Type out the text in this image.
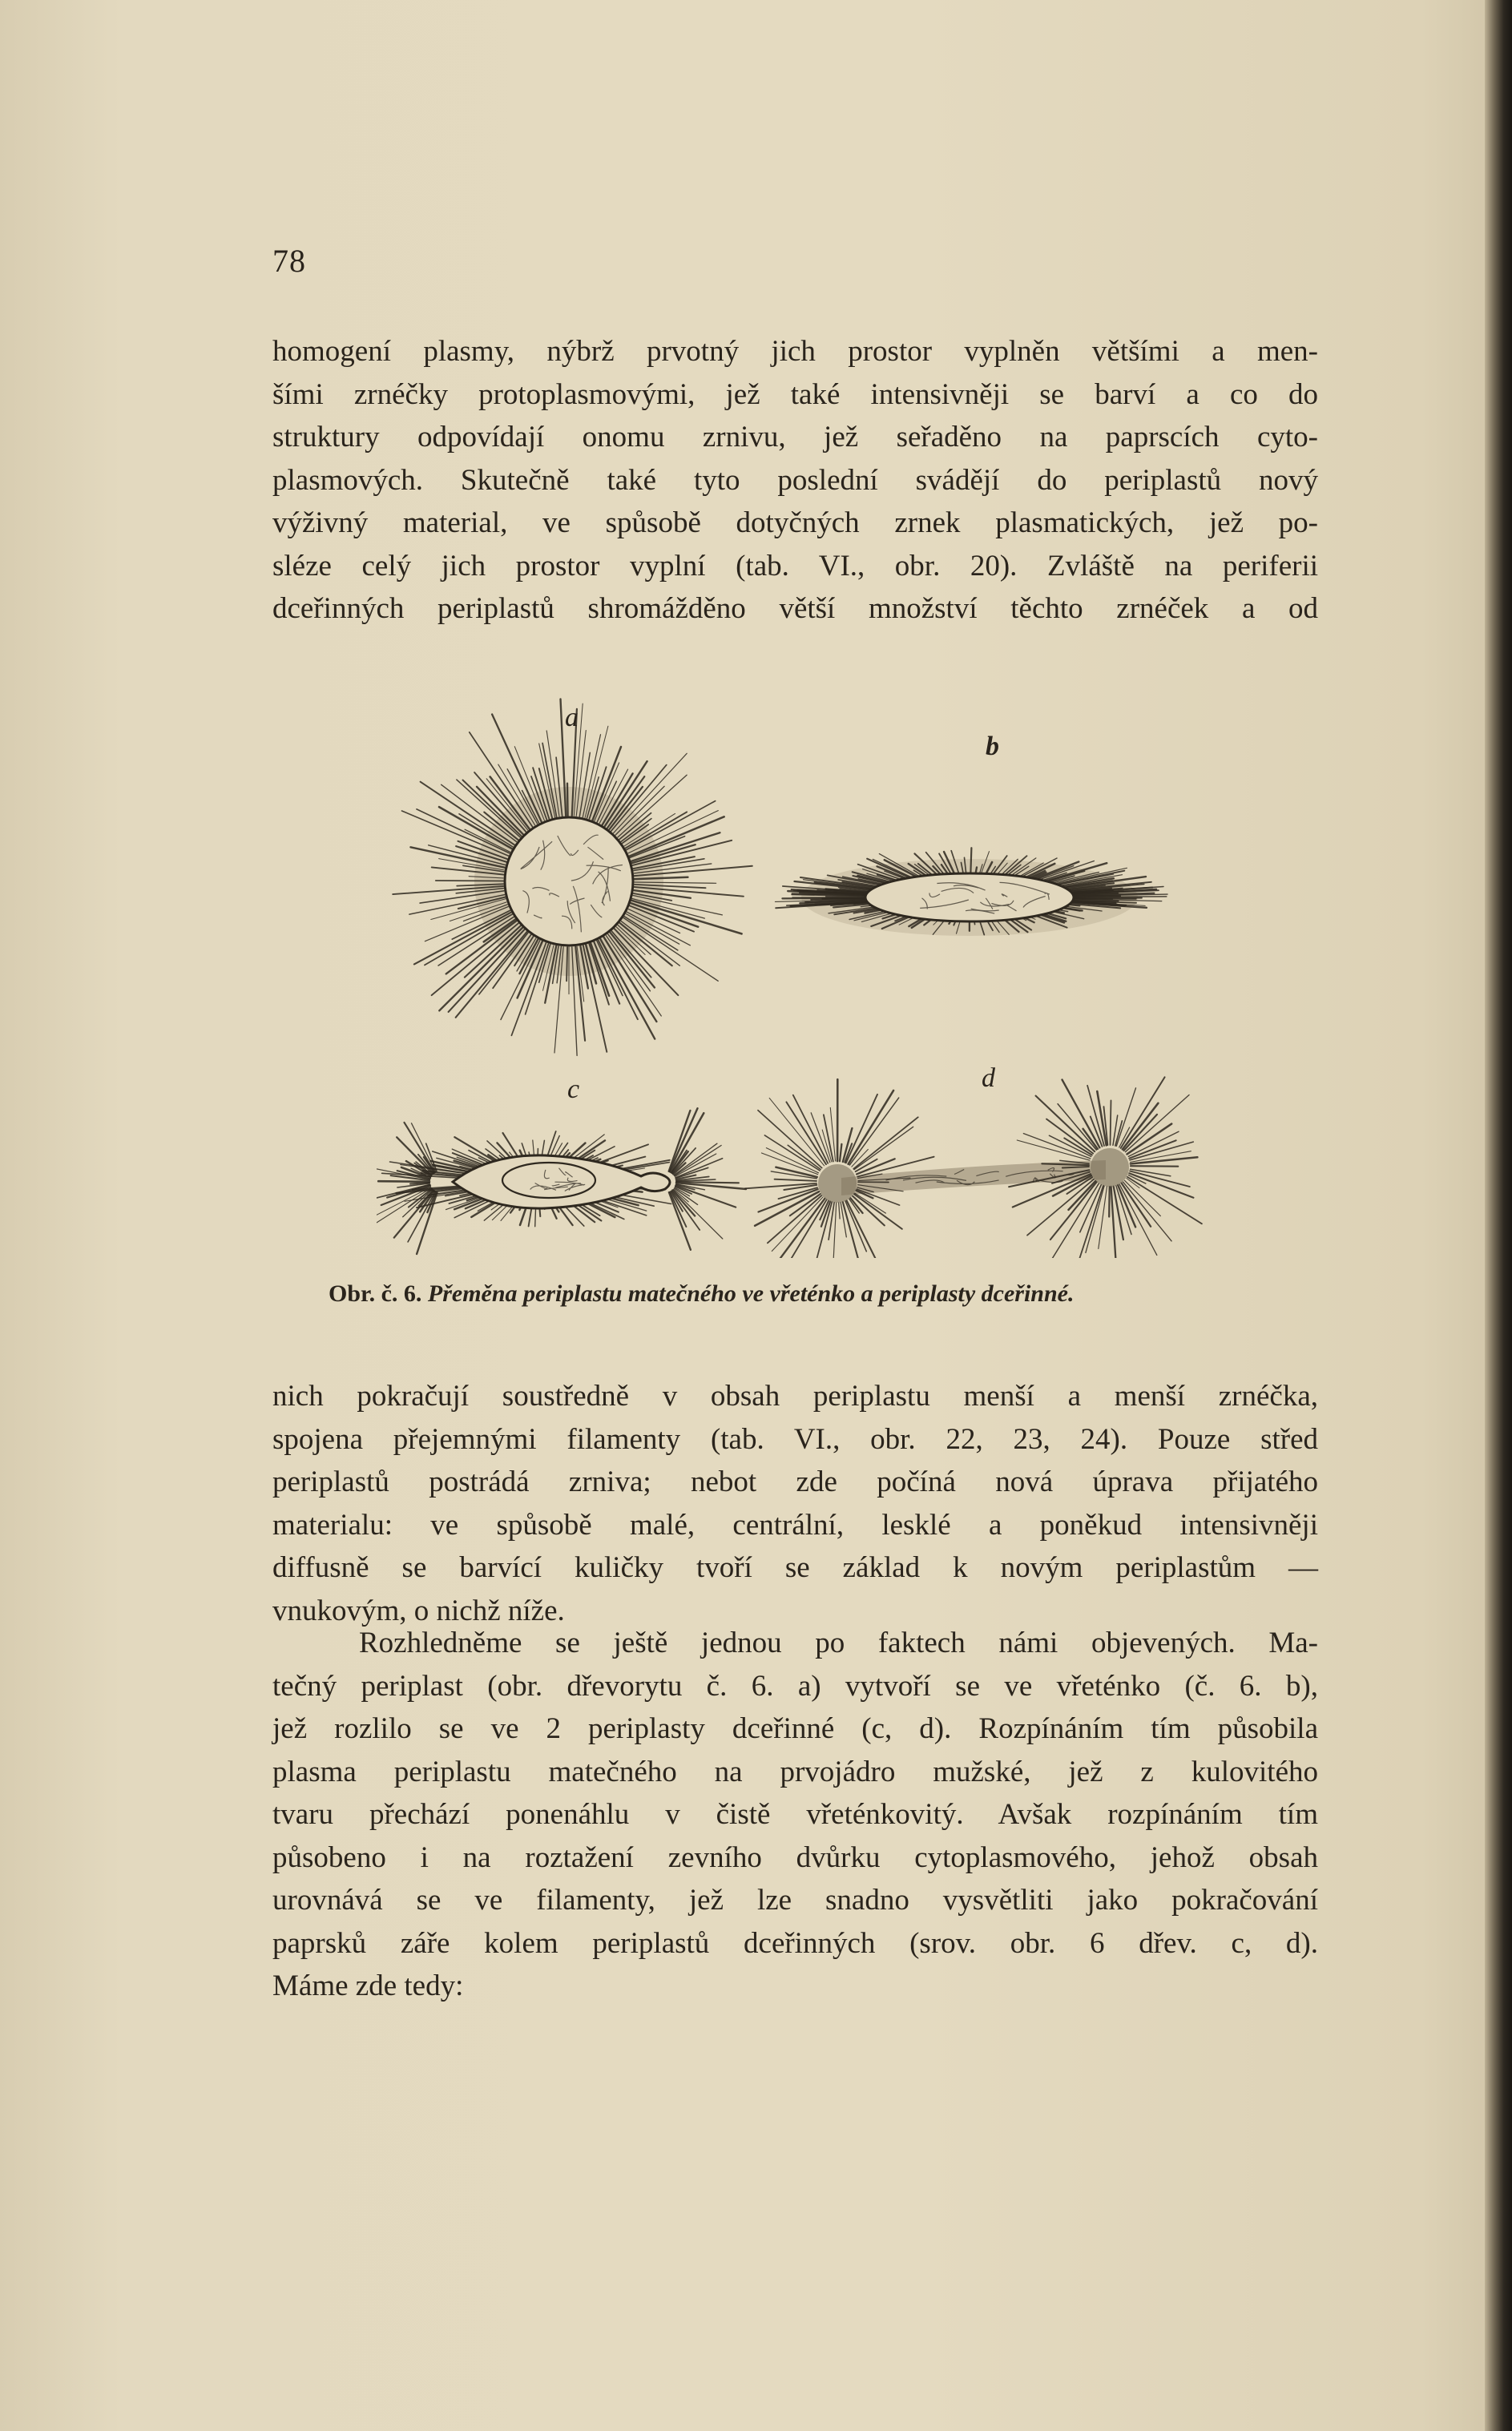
78
homogení plasmy, nýbrž prvotný jich prostor vyplněn většími a men-
šími zrnéčky protoplasmovými, jež také intensivněji se barví a co do
struktury odpovídají onomu zrnivu, jež seřaděno na paprscích cyto-
plasmových. Skutečně také tyto poslední svádějí do periplastů nový
výživný material, ve spůsobě dotyčných zrnek plasmatických, jež po-
sléze celý jich prostor vyplní (tab. VI., obr. 20). Zvláště na periferii
dceřinných periplastů shromážděno větší množství těchto zrnéček a od
a
b
c	d
Obr. č. 6. Přeměna periplastu matečného ve vřeténko a periplasty dceřinné.
nich pokračují soustředně v obsah periplastu menší a menší zrnéčka,
spojena přejemnými filamenty (tab. VI., obr. 22, 23, 24). Pouze střed
periplastů postrádá zrniva; nebot zde počíná nová úprava přijatého
materialu: ve spůsobě malé, centrální, lesklé a poněkud intensivněji
diffusně se barvící kuličky tvoří se základ k novým periplastům —
vnukovým, o nichž níže.
Rozhledněme se ještě jednou po faktech námi objevených. Ma-
tečný periplast (obr. dřevorytu č. 6. a) vytvoří se ve vřeténko (č. 6. b),
jež rozlilo se ve 2 periplasty dceřinné (c, d). Rozpínáním tím působila
plasma periplastu matečného na prvojádro mužské, jež z kulovitého
tvaru přechází ponenáhlu v čistě vřeténkovitý. Avšak rozpínáním tím
působeno i na roztažení zevního dvůrku cytoplasmového, jehož obsah
urovnává se ve filamenty, jež lze snadno vysvětliti jako pokračování
paprsků záře kolem periplastů dceřinných (srov. obr. 6 dřev. c, d).
Máme zde tedy:
